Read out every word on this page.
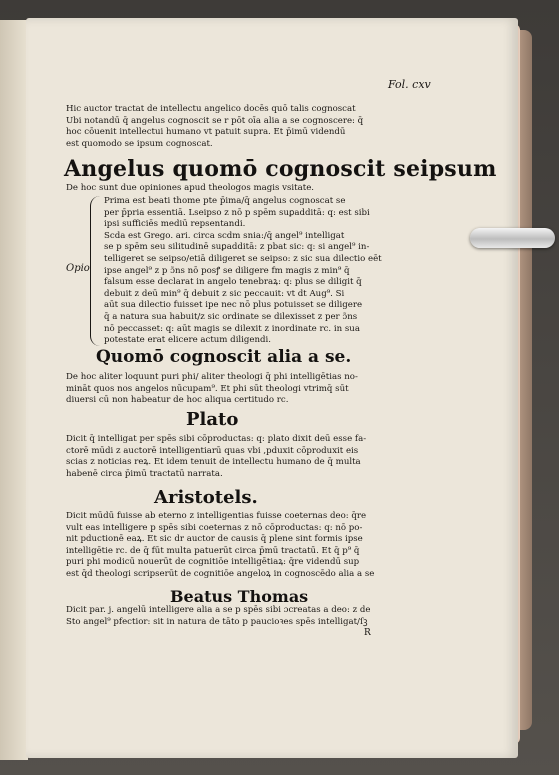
Fol. cxv
Hic auctor tractat de intellectu angelico docēs quō talis cognoscat
Ubi notandū q̄ angelus cognoscit se r pōt oīa alia a se cognoscere: q̄
hoc cōuenit intellectui humano vt patuit supra. Et p̄imū videndū
est quomodo se ipsum cognoscat.
Angelus quomō cognoscit seipsum
De hoc sunt due opiniones apud theologos magis vsitate.
Opio
Prima est beati thome pte p̄ima/q̄ angelus cognoscat se
per p̄pria essentiā. Lseipso z nō p spēm suꝑadditā: q: est sibi
ipsi sufficiēs mediū repsentandi.
Scda est Grego. ari. circa scdm snia:/q̄ angel⁹ intelligat
se p spēm seu silitudinē suꝑadditā: z pbat sic: q: si angel⁹ in-
telligeret se seipso/etiā diligeret se seipso: z sic sua dilectio eēt
ipse angel⁹ z p ɔ̃ns nō posꝭ se diligere fm magis z min⁹ q̄
falsum esse declarat in angelo tenebraꝝ: q: plus se diligit q̄
debuit z deū min⁹ q̄ debuit z sic peccauit: vt dt Aug⁹. Si
aūt sua dilectio fuisset ipe nec nō plus potuisset se diligere
q̄ a natura sua habuit/z sic ordinate se dilexisset z per ɔ̃ns
nō peccasset: q: aūt magis se dilexit z inordinate rc. in sua
potestate erat elicere actum diligendi.
Quomō cognoscit alia a se.
De hoc aliter loquunt puri phi/ aliter theologi q̄ phi intelligētias no-
mināt quos nos angelos nūcupam⁹. Et phi sūt theologi vtrimq̄ sūt
diuersi cū non habeatur de hoc aliqua certitudo rc.
Plato
Dicit q̄ intelligat per spēs sibi cōproductas: q: plato dixit deū esse fa-
ctorē mūdi z auctorē intelligentiarū quas vbi ,pduxit cōproduxit eis
scias z noticias reꝝ. Et idem tenuit de intellectu humano de q̄ multa
habenē circa p̄imū tractatū narrata.
Aristotels.
Dicit mūdū fuisse ab eterno z intelligentias fuisse coeternas deo: q̄re
vult eas intelligere p spēs sibi coeternas z nō cōproductas: q: nō po-
nit pductionē eaꝝ. Et sic dr auctor de causis q̄ plene sint formis ipse
intelligētie rc. de q̄ fūt multa patuerūt circa p̄mū tractatū. Et q̄ p⁹ q̄
puri phi modicū nouerūt de cognitiōe intelligētiaꝝ: q̄re videndū sup
est q̄d theologi scripserūt de cognitiōe angeloꝝ in cognoscēdo alia a se
Beatus Thomas
Dicit par. j. angelū intelligere alia a se p spēs sibi ɔcreatas a deo: z de
Sto angel⁹ pfectior: sit in natura de tāto p paucioꝛes spēs intelligat/ſꝫ
R
